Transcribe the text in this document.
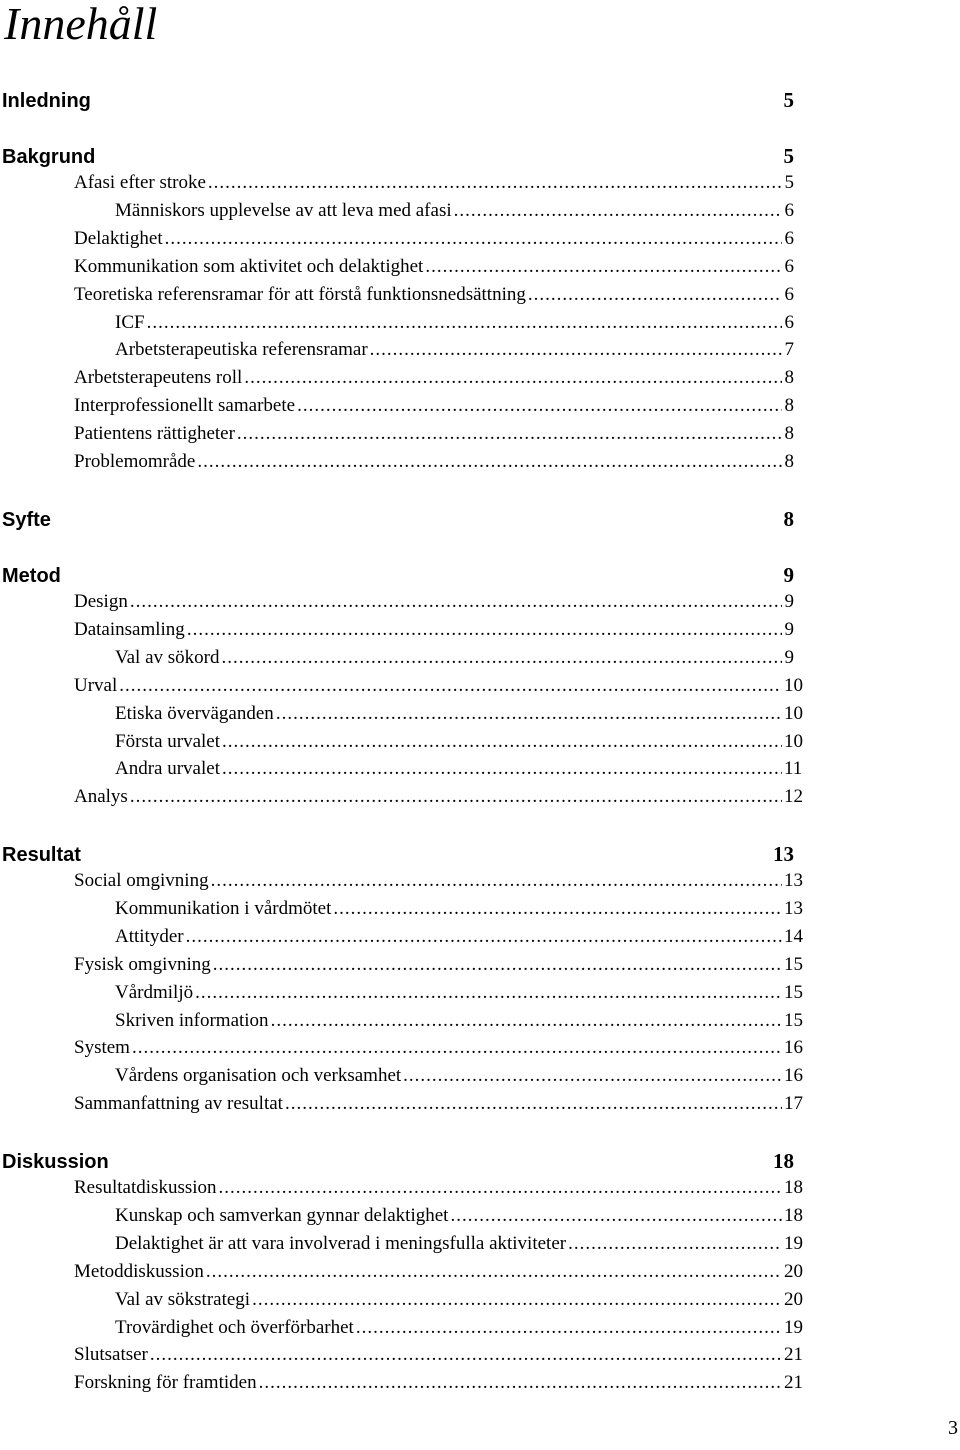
Innehåll
Inledning	5
Bakgrund	5
Afasi efter stroke .....	5
Människors upplevelse av att leva med afasi .....	6
Delaktighet .....	6
Kommunikation som aktivitet och delaktighet .....	6
Teoretiska referensramar för att förstå funktionsnedsättning .....	6
ICF .....	6
Arbetsterapeutiska referensramar .....	7
Arbetsterapeutens roll .....	8
Interprofessionellt samarbete .....	8
Patientens rättigheter .....	8
Problemområde .....	8
Syfte	8
Metod	9
Design .....	9
Datainsamling .....	9
Val av sökord .....	9
Urval .....	10
Etiska överväganden .....	10
Första urvalet .....	10
Andra urvalet .....	11
Analys .....	12
Resultat	13
Social omgivning .....	13
Kommunikation i vårdmötet .....	13
Attityder .....	14
Fysisk omgivning .....	15
Vårdmiljö .....	15
Skriven information .....	15
System .....	16
Vårdens organisation och verksamhet .....	16
Sammanfattning av resultat .....	17
Diskussion	18
Resultatdiskussion .....	18
Kunskap och samverkan gynnar delaktighet .....	18
Delaktighet är att vara involverad i meningsfulla aktiviteter .....	19
Metoddiskussion .....	20
Val av sökstrategi .....	20
Trovärdighet och överförbarhet .....	19
Slutsatser .....	21
Forskning för framtiden .....	21
3
